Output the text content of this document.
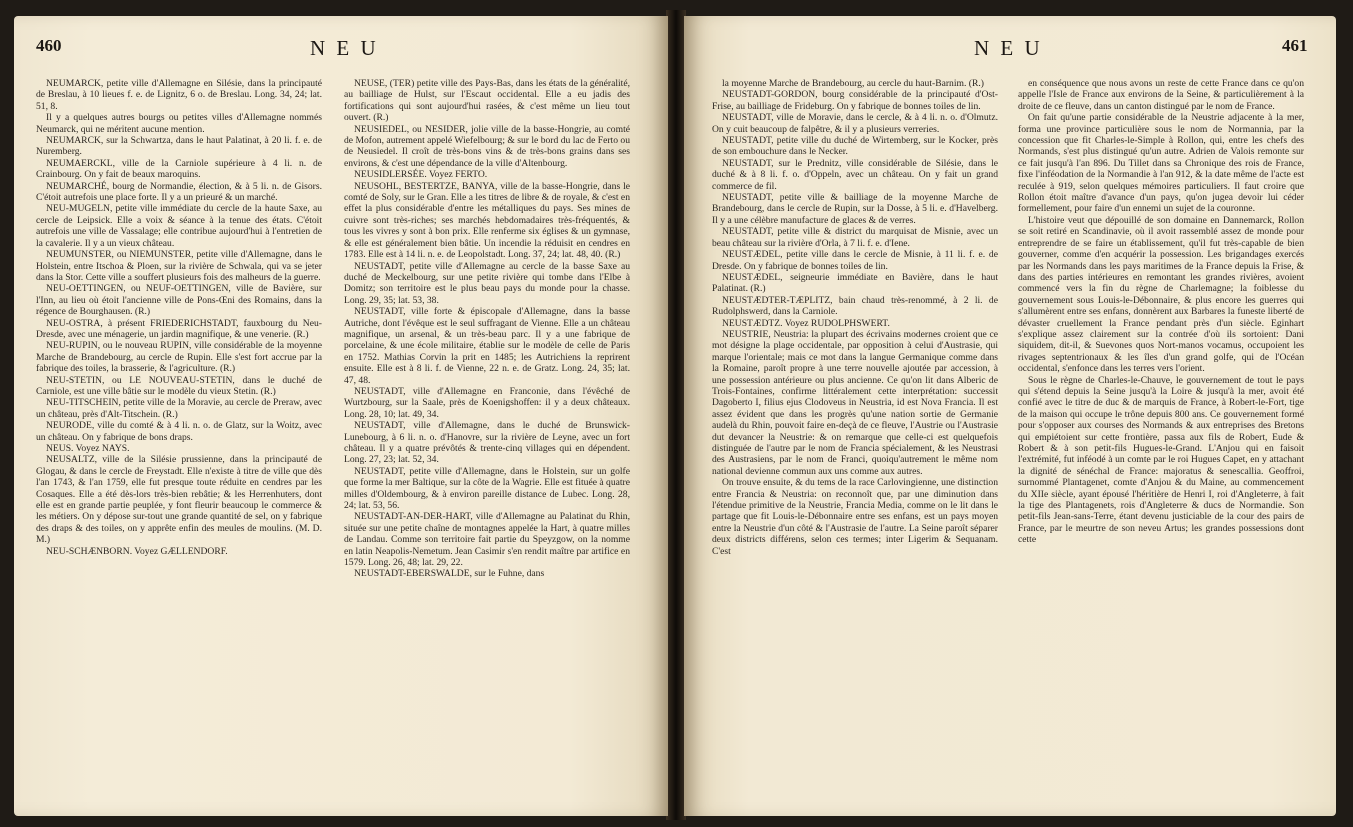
460	N E U

NEUMARCK, petite ville d'Allemagne en Silésie, dans la principauté de Breslau, à 10 lieues f. e. de Lignitz, 6 o. de Breslau. Long. 34, 24; lat. 51, 8.

Il y a quelques autres bourgs ou petites villes d'Allemagne nommés Neumarck, qui ne méritent aucune mention.

NEUMARCK, sur la Schwartza, dans le haut Palatinat, à 20 li. f. e. de Nuremberg.

NEUMAERCKL, ville de la Carniole supérieure à 4 li. n. de Crainbourg. On y fait de beaux maroquins.

NEUMARCHÉ, bourg de Normandie, élection, & à 5 li. n. de Gisors. C'étoit autrefois une place forte. Il y a un prieuré & un marché.

NEU-MUGELN, petite ville immédiate du cercle de la haute Saxe, au cercle de Leipsick. Elle a voix & séance à la tenue des états. C'étoit autrefois une ville de Vassalage; elle contribue aujourd'hui à l'entretien de la cavalerie. Il y a un vieux château.

NEUMUNSTER, ou NIEMUNSTER, petite ville d'Allemagne, dans le Holstein, entre Itschoa & Ploen, sur la rivière de Schwala, qui va se jeter dans la Stor. Cette ville a souffert plusieurs fois des malheurs de la guerre.

NEU-OETTINGEN, ou NEUF-OETTINGEN, ville de Bavière, sur l'Inn, au lieu où étoit l'ancienne ville de Pons-Œni des Romains, dans la régence de Bourghausen. (R.)

NEU-OSTRA, à présent FRIEDERICHSTADT, fauxbourg du Neu-Dresde, avec une ménagerie, un jardin magnifique, & une venerie. (R.)

NEU-RUPIN, ou le nouveau RUPIN, ville considérable de la moyenne Marche de Brandebourg, au cercle de Rupin. Elle s'est fort accrue par la fabrique des toiles, la brasserie, & l'agriculture. (R.)

NEU-STETIN, ou LE NOUVEAU-STETIN, dans le duché de Carniole, est une ville bâtie sur le modèle du vieux Stetin. (R.)

NEU-TITSCHEIN, petite ville de la Moravie, au cercle de Preraw, avec un château, près d'Alt-Titschein. (R.)

NEURODE, ville du comté & à 4 li. n. o. de Glatz, sur la Woitz, avec un château. On y fabrique de bons draps.

NEUS. Voyez NAYS.

NEUSALTZ, ville de la Silésie prussienne, dans la principauté de Glogau, & dans le cercle de Freystadt. Elle n'existe à titre de ville que dès l'an 1743, & l'an 1759, elle fut presque toute réduite en cendres par les Cosaques. Elle a été dès-lors très-bien rebâtie; & les Herrenhuters, dont elle est en grande partie peuplée, y font fleurir beaucoup le commerce & les métiers. On y dépose sur-tout une grande quantité de sel, on y fabrique des draps & des toiles, on y apprête enfin des meules de moulins. (M. D. M.)

NEU-SCHÆNBORN. Voyez GÆLLENDORF.

NEUSE, (TER) petite ville des Pays-Bas, dans les états de la généralité, au bailliage de Hulst, sur l'Escaut occidental. Elle a eu jadis des fortifications qui sont aujourd'hui rasées, & c'est même un lieu tout ouvert. (R.)

NEUSIEDEL, ou NESIDER, jolie ville de la basse-Hongrie, au comté de Mofon, autrement appelé Wiefelbourg; & sur le bord du lac de Ferto ou de Neusiedel. Il croît de très-bons vins & de très-bons grains dans ses environs, & c'est une dépendance de la ville d'Altenbourg.

NEUSIDLERSÉE. Voyez FERTO.

NEUSOHL, BESTERTZE, BANYA, ville de la basse-Hongrie, dans le comté de Soly, sur le Gran. Elle a les titres de libre & de royale, & c'est en effet la plus considérable d'entre les métalliques du pays. Ses mines de cuivre sont très-riches; ses marchés hebdomadaires très-fréquentés, & tous les vivres y sont à bon prix. Elle renferme six églises & un gymnase, & elle est généralement bien bâtie. Un incendie la réduisit en cendres en 1783. Elle est à 14 li. n. e. de Leopolstadt. Long. 37, 24; lat. 48, 40. (R.)

NEUSTADT, petite ville d'Allemagne au cercle de la basse Saxe au duché de Meckelbourg, sur une petite rivière qui tombe dans l'Elbe à Domitz; son territoire est le plus beau pays du monde pour la chasse. Long. 29, 35; lat. 53, 38.

NEUSTADT, ville forte & épiscopale d'Allemagne, dans la basse Autriche, dont l'évêque est le seul suffragant de Vienne. Elle a un château magnifique, un arsenal, & un très-beau parc. Il y a une fabrique de porcelaine, & une école militaire, établie sur le modèle de celle de Paris en 1752. Mathias Corvin la prit en 1485; les Autrichiens la reprirent ensuite. Elle est à 8 li. f. de Vienne, 22 n. e. de Gratz. Long. 24, 35; lat. 47, 48.

NEUSTADT, ville d'Allemagne en Franconie, dans l'évêché de Wurtzbourg, sur la Saale, près de Koenigshoffen: il y a deux châteaux. Long. 28, 10; lat. 49, 34.

NEUSTADT, ville d'Allemagne, dans le duché de Brunswick-Lunebourg, à 6 li. n. o. d'Hanovre, sur la rivière de Leyne, avec un fort château. Il y a quatre prévôtés & trente-cinq villages qui en dépendent. Long. 27, 23; lat. 52, 34.

NEUSTADT, petite ville d'Allemagne, dans le Holstein, sur un golfe que forme la mer Baltique, sur la côte de la Wagrie. Elle est fituée à quatre milles d'Oldembourg, & à environ pareille distance de Lubec. Long. 28, 24; lat. 53, 56.

NEUSTADT-AN-DER-HART, ville d'Allemagne au Palatinat du Rhin, située sur une petite chaîne de montagnes appelée la Hart, à quatre milles de Landau. Comme son territoire fait partie du Speyzgow, on la nomme en latin Neapolis-Nemetum. Jean Casimir s'en rendit maître par artifice en 1579. Long. 26, 48; lat. 29, 22.

NEUSTADT-EBERSWALDE, sur le Fuhne, dans

N E U	461

la moyenne Marche de Brandebourg, au cercle du haut-Barnim. (R.)

NEUSTADT-GORDON, bourg considérable de la principauté d'Ost-Frise, au bailliage de Frideburg. On y fabrique de bonnes toiles de lin.

NEUSTADT, ville de Moravie, dans le cercle, & à 4 li. n. o. d'Olmutz. On y cuit beaucoup de falpêtre, & il y a plusieurs verreries.

NEUSTADT, petite ville du duché de Wirtemberg, sur le Kocker, près de son embouchure dans le Necker.

NEUSTADT, sur le Prednitz, ville considérable de Silésie, dans le duché & à 8 li. f. o. d'Oppeln, avec un château. On y fait un grand commerce de fil.

NEUSTADT, petite ville & bailliage de la moyenne Marche de Brandebourg, dans le cercle de Rupin, sur la Dosse, à 5 li. e. d'Havelberg. Il y a une célèbre manufacture de glaces & de verres.

NEUSTADT, petite ville & district du marquisat de Misnie, avec un beau château sur la rivière d'Orla, à 7 li. f. e. d'Iene.

NEUSTÆDEL, petite ville dans le cercle de Misnie, à 11 li. f. e. de Dresde. On y fabrique de bonnes toiles de lin.

NEUSTÆDEL, seigneurie immédiate en Bavière, dans le haut Palatinat. (R.)

NEUSTÆDTER-TÆPLITZ, bain chaud très-renommé, à 2 li. de Rudolphswerd, dans la Carniole.

NEUSTÆDTZ. Voyez RUDOLPHSWERT.

NEUSTRIE, Neustria: la plupart des écrivains modernes croient que ce mot désigne la plage occidentale, par opposition à celui d'Austrasie, qui marque l'orientale; mais ce mot dans la langue Germanique comme dans la Romaine, paroît propre à une terre nouvelle ajoutée par accession, à une possession antérieure ou plus ancienne. Ce qu'on lit dans Alberic de Trois-Fontaines, confirme littéralement cette interprétation: successit Dagoberto I, filius ejus Clodoveus in Neustria, id est Nova Francia. Il est assez évident que dans les progrès qu'une nation sortie de Germanie audelà du Rhin, pouvoit faire en-deçà de ce fleuve, l'Austrie ou l'Austrasie dut devancer la Neustrie: & on remarque que celle-ci est quelquefois distinguée de l'autre par le nom de Francia spécialement, & les Neustrasi des Austrasiens, par le nom de Franci, quoiqu'autrement le même nom national devienne commun aux uns comme aux autres.

On trouve ensuite, & du tems de la race Carlovingienne, une distinction entre Francia & Neustria: on reconnoît que, par une diminution dans l'étendue primitive de la Neustrie, Francia Media, comme on le lit dans le partage que fit Louis-le-Débonnaire entre ses enfans, est un pays moyen entre la Neustrie d'un côté & l'Austrasie de l'autre. La Seine paroît séparer deux districts différens, selon ces termes; inter Ligerim & Sequanam. C'est

en conséquence que nous avons un reste de cette France dans ce qu'on appelle l'Isle de France aux environs de la Seine, & particulièrement à la droite de ce fleuve, dans un canton distingué par le nom de France.

On fait qu'une partie considérable de la Neustrie adjacente à la mer, forma une province particulière sous le nom de Normannia, par la concession que fit Charles-le-Simple à Rollon, qui, entre les chefs des Normands, s'est plus distingué qu'un autre. Adrien de Valois remonte sur ce fait jusqu'à l'an 896. Du Tillet dans sa Chronique des rois de France, fixe l'inféodation de la Normandie à l'an 912, & la date même de l'acte est reculée à 919, selon quelques mémoires particuliers. Il faut croire que Rollon étoit maître d'avance d'un pays, qu'on jugea devoir lui céder formellement, pour faire d'un ennemi un sujet de la couronne.

L'histoire veut que dépouillé de son domaine en Dannemarck, Rollon se soit retiré en Scandinavie, où il avoit rassemblé assez de monde pour entreprendre de se faire un établissement, qu'il fut très-capable de bien gouverner, comme d'en acquérir la possession. Les brigandages exercés par les Normands dans les pays maritimes de la France depuis la Frise, & dans des parties intérieures en remontant les grandes rivières, avoient commencé vers la fin du règne de Charlemagne; la foiblesse du gouvernement sous Louis-le-Débonnaire, & plus encore les guerres qui s'allumèrent entre ses enfans, donnèrent aux Barbares la funeste liberté de dévaster cruellement la France pendant près d'un siècle. Eginhart s'explique assez clairement sur la contrée d'où ils sortoient: Dani siquidem, dit-il, & Suevones quos Nort-manos vocamus, occupoient les rivages septentrionaux & les îles d'un grand golfe, qui de l'Océan occidental, s'enfonce dans les terres vers l'orient.

Sous le règne de Charles-le-Chauve, le gouvernement de tout le pays qui s'étend depuis la Seine jusqu'à la Loire & jusqu'à la mer, avoit été confié avec le titre de duc & de marquis de France, à Robert-le-Fort, tige de la maison qui occupe le trône depuis 800 ans. Ce gouvernement formé pour s'opposer aux courses des Normands & aux entreprises des Bretons qui empiétoient sur cette frontière, passa aux fils de Robert, Eude & Robert & à son petit-fils Hugues-le-Grand. L'Anjou qui en faisoit l'extrémité, fut inféodé à un comte par le roi Hugues Capet, en y attachant la dignité de sénéchal de France: majoratus & senescallia. Geoffroi, surnommé Plantagenet, comte d'Anjou & du Maine, au commencement du XIIe siècle, ayant épousé l'héritière de Henri I, roi d'Angleterre, à fait la tige des Plantagenets, rois d'Angleterre & ducs de Normandie. Son petit-fils Jean-sans-Terre, étant devenu justiciable de la cour des pairs de France, par le meurtre de son neveu Artus; les grandes possessions dont cette
